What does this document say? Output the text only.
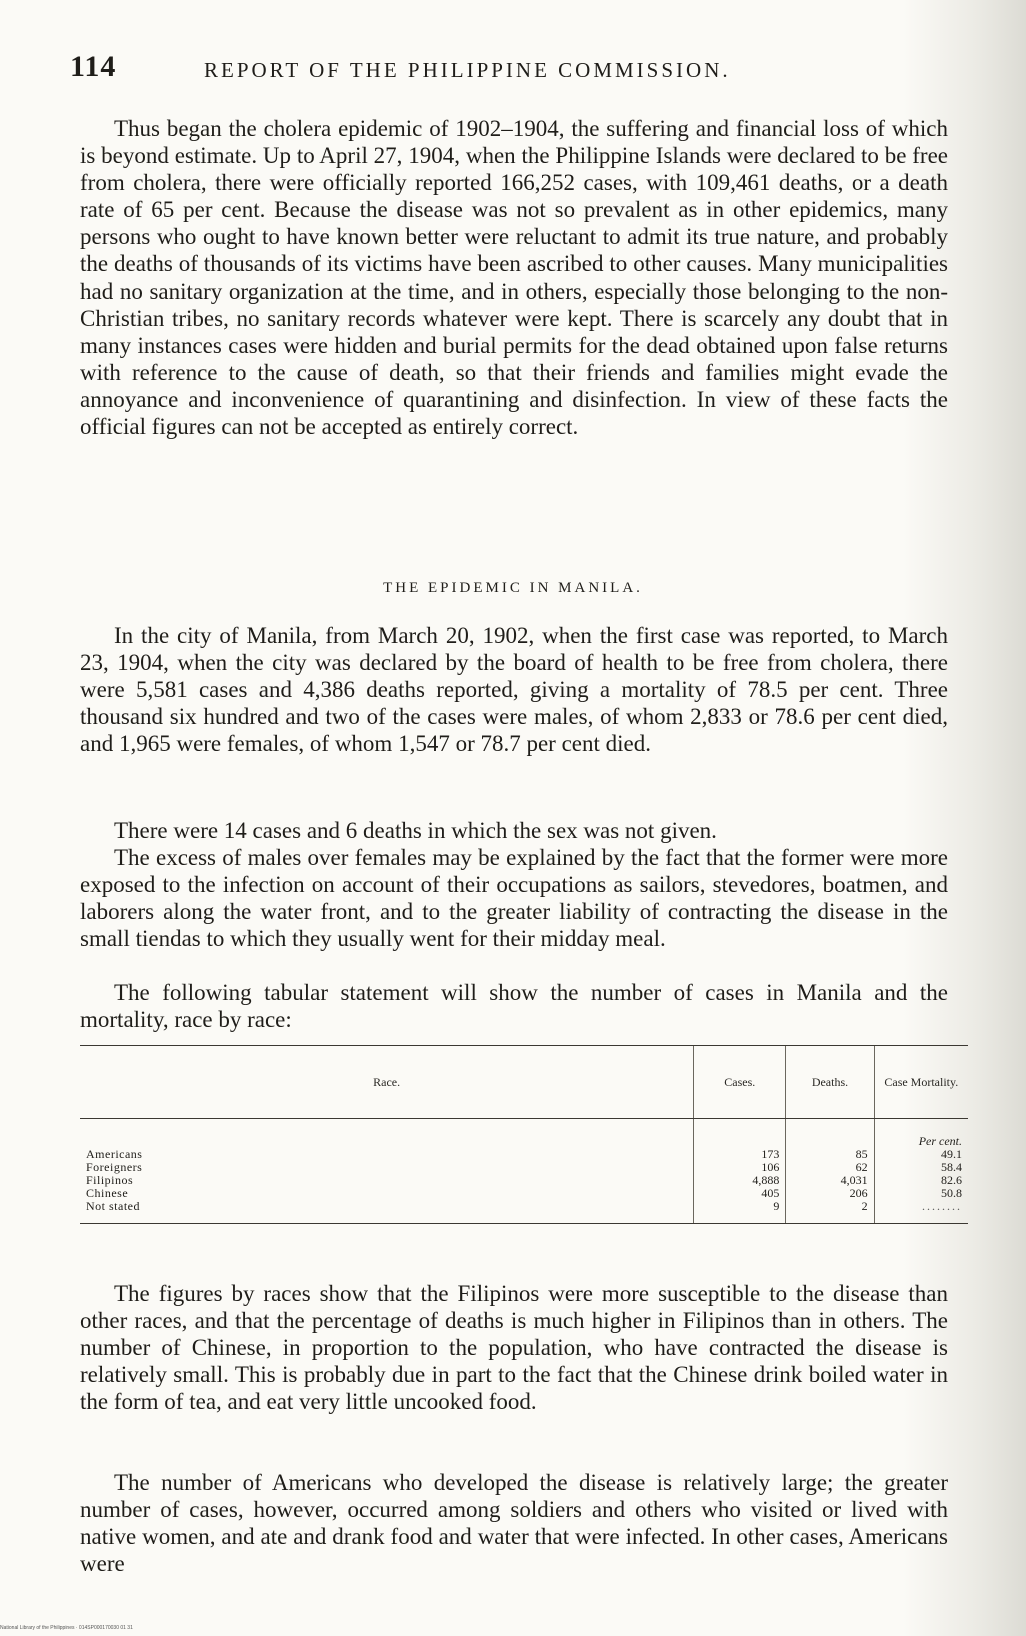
114	REPORT OF THE PHILIPPINE COMMISSION.

Thus began the cholera epidemic of 1902–1904, the suffering and financial loss of which is beyond estimate. Up to April 27, 1904, when the Philippine Islands were declared to be free from cholera, there were officially reported 166,252 cases, with 109,461 deaths, or a death rate of 65 per cent. Because the disease was not so prevalent as in other epidemics, many persons who ought to have known better were reluctant to admit its true nature, and probably the deaths of thousands of its victims have been ascribed to other causes. Many municipalities had no sanitary organization at the time, and in others, especially those belonging to the non-Christian tribes, no sanitary records whatever were kept. There is scarcely any doubt that in many instances cases were hidden and burial permits for the dead obtained upon false returns with reference to the cause of death, so that their friends and families might evade the annoyance and inconvenience of quarantining and disinfection. In view of these facts the official figures can not be accepted as entirely correct.

THE EPIDEMIC IN MANILA.

In the city of Manila, from March 20, 1902, when the first case was reported, to March 23, 1904, when the city was declared by the board of health to be free from cholera, there were 5,581 cases and 4,386 deaths reported, giving a mortality of 78.5 per cent. Three thousand six hundred and two of the cases were males, of whom 2,833 or 78.6 per cent died, and 1,965 were females, of whom 1,547 or 78.7 per cent died.

There were 14 cases and 6 deaths in which the sex was not given.

The excess of males over females may be explained by the fact that the former were more exposed to the infection on account of their occupations as sailors, stevedores, boatmen, and laborers along the water front, and to the greater liability of contracting the disease in the small tiendas to which they usually went for their midday meal.

The following tabular statement will show the number of cases in Manila and the mortality, race by race:

Race.	Cases.	Deaths.	Case Mortality.
			Per cent.
Americans	173	85	49.1
Foreigners	106	62	58.4
Filipinos	4,888	4,031	82.6
Chinese	405	206	50.8
Not stated	9	2	........

The figures by races show that the Filipinos were more susceptible to the disease than other races, and that the percentage of deaths is much higher in Filipinos than in others. The number of Chinese, in proportion to the population, who have contracted the disease is relatively small. This is probably due in part to the fact that the Chinese drink boiled water in the form of tea, and eat very little uncooked food.

The number of Americans who developed the disease is relatively large; the greater number of cases, however, occurred among soldiers and others who visited or lived with native women, and ate and drank food and water that were infected. In other cases, Americans were

National Library of the Philippines · 014SP000170030 01 31
